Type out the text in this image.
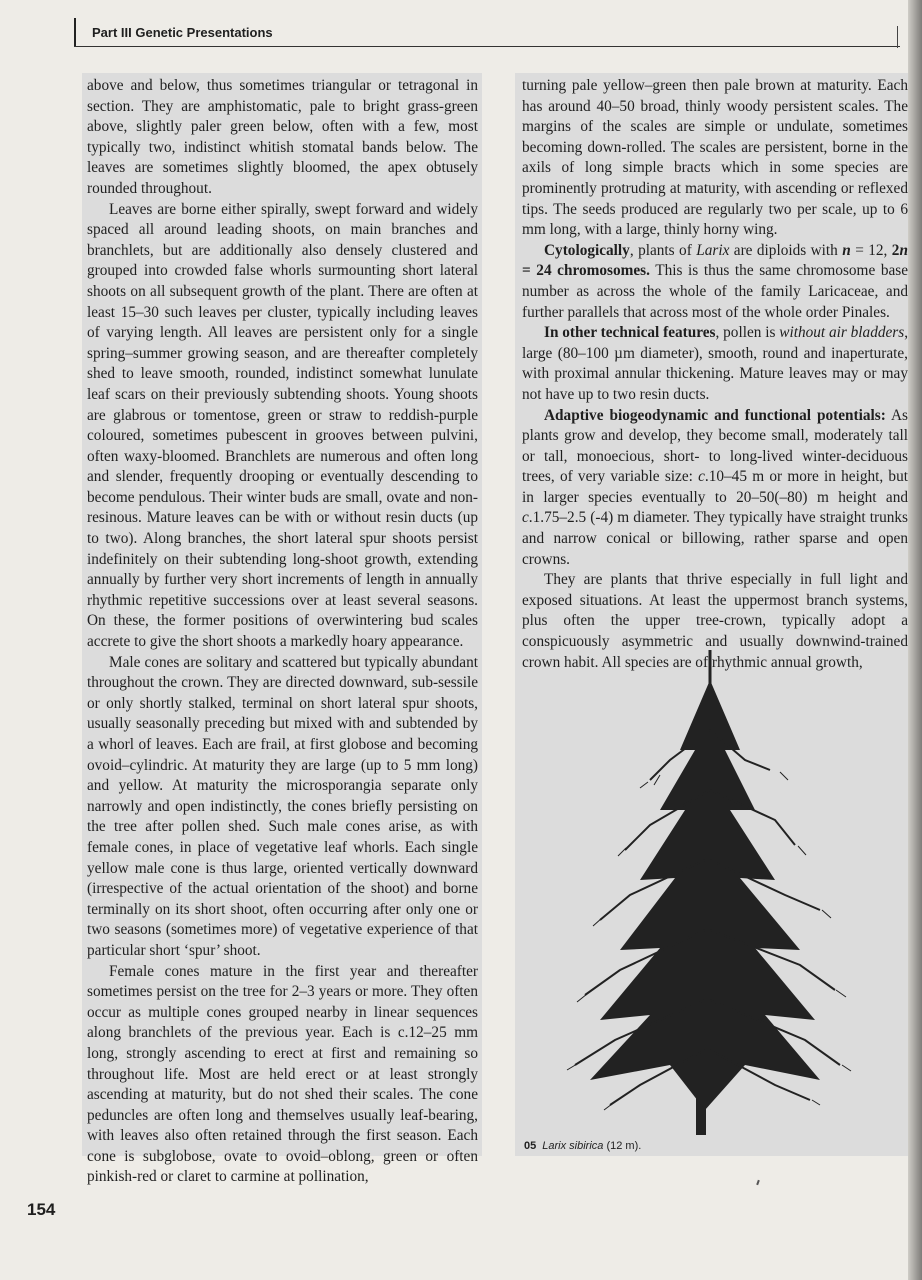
Part III Genetic Presentations

above and below, thus sometimes triangular or tetragonal in section. They are amphistomatic, pale to bright grass-green above, slightly paler green below, often with a few, most typically two, indistinct whitish stomatal bands below. The leaves are sometimes slightly bloomed, the apex obtusely rounded throughout.

Leaves are borne either spirally, swept forward and widely spaced all around leading shoots, on main branches and branchlets, but are additionally also densely clustered and grouped into crowded false whorls surmounting short lateral shoots on all subsequent growth of the plant. There are often at least 15–30 such leaves per cluster, typically including leaves of varying length. All leaves are persistent only for a single spring–summer growing season, and are thereafter completely shed to leave smooth, rounded, indistinct somewhat lunulate leaf scars on their previously subtending shoots. Young shoots are glabrous or tomentose, green or straw to reddish-purple coloured, sometimes pubescent in grooves between pulvini, often waxy-bloomed. Branchlets are numerous and often long and slender, frequently drooping or eventually descending to become pendulous. Their winter buds are small, ovate and non-resinous. Mature leaves can be with or without resin ducts (up to two). Along branches, the short lateral spur shoots persist indefinitely on their subtending long-shoot growth, extending annually by further very short increments of length in annually rhythmic repetitive successions over at least several seasons. On these, the former positions of overwintering bud scales accrete to give the short shoots a markedly hoary appearance.

Male cones are solitary and scattered but typically abundant throughout the crown. They are directed downward, sub-sessile or only shortly stalked, terminal on short lateral spur shoots, usually seasonally preceding but mixed with and subtended by a whorl of leaves. Each are frail, at first globose and becoming ovoid–cylindric. At maturity they are large (up to 5 mm long) and yellow. At maturity the microsporangia separate only narrowly and open indistinctly, the cones briefly persisting on the tree after pollen shed. Such male cones arise, as with female cones, in place of vegetative leaf whorls. Each single yellow male cone is thus large, oriented vertically downward (irrespective of the actual orientation of the shoot) and borne terminally on its short shoot, often occurring after only one or two seasons (sometimes more) of vegetative experience of that particular short ‘spur’ shoot.

Female cones mature in the first year and thereafter sometimes persist on the tree for 2–3 years or more. They often occur as multiple cones grouped nearby in linear sequences along branchlets of the previous year. Each is c.12–25 mm long, strongly ascending to erect at first and remaining so throughout life. Most are held erect or at least strongly ascending at maturity, but do not shed their scales. The cone peduncles are often long and themselves usually leaf-bearing, with leaves also often retained through the first season. Each cone is subglobose, ovate to ovoid–oblong, green or often pinkish-red or claret to carmine at pollination,

turning pale yellow–green then pale brown at maturity. Each has around 40–50 broad, thinly woody persistent scales. The margins of the scales are simple or undulate, sometimes becoming down-rolled. The scales are persistent, borne in the axils of long simple bracts which in some species are prominently protruding at maturity, with ascending or reflexed tips. The seeds produced are regularly two per scale, up to 6 mm long, with a large, thinly horny wing.

Cytologically, plants of Larix are diploids with n = 12, 2n = 24 chromosomes. This is thus the same chromosome base number as across the whole of the family Laricaceae, and further parallels that across most of the whole order Pinales.

In other technical features, pollen is without air bladders, large (80–100 µm diameter), smooth, round and inaperturate, with proximal annular thickening. Mature leaves may or may not have up to two resin ducts.

Adaptive biogeodynamic and functional potentials: As plants grow and develop, they become small, moderately tall or tall, monoecious, short- to long-lived winter-deciduous trees, of very variable size: c.10–45 m or more in height, but in larger species eventually to 20–50(–80) m height and c.1.75–2.5 (-4) m diameter. They typically have straight trunks and narrow conical or billowing, rather sparse and open crowns.

They are plants that thrive especially in full light and exposed situations. At least the uppermost branch systems, plus often the upper tree-crown, typically adopt a conspicuously asymmetric and usually downwind-trained crown habit. All species are of rhythmic annual growth,

05 Larix sibirica (12 m).
154
